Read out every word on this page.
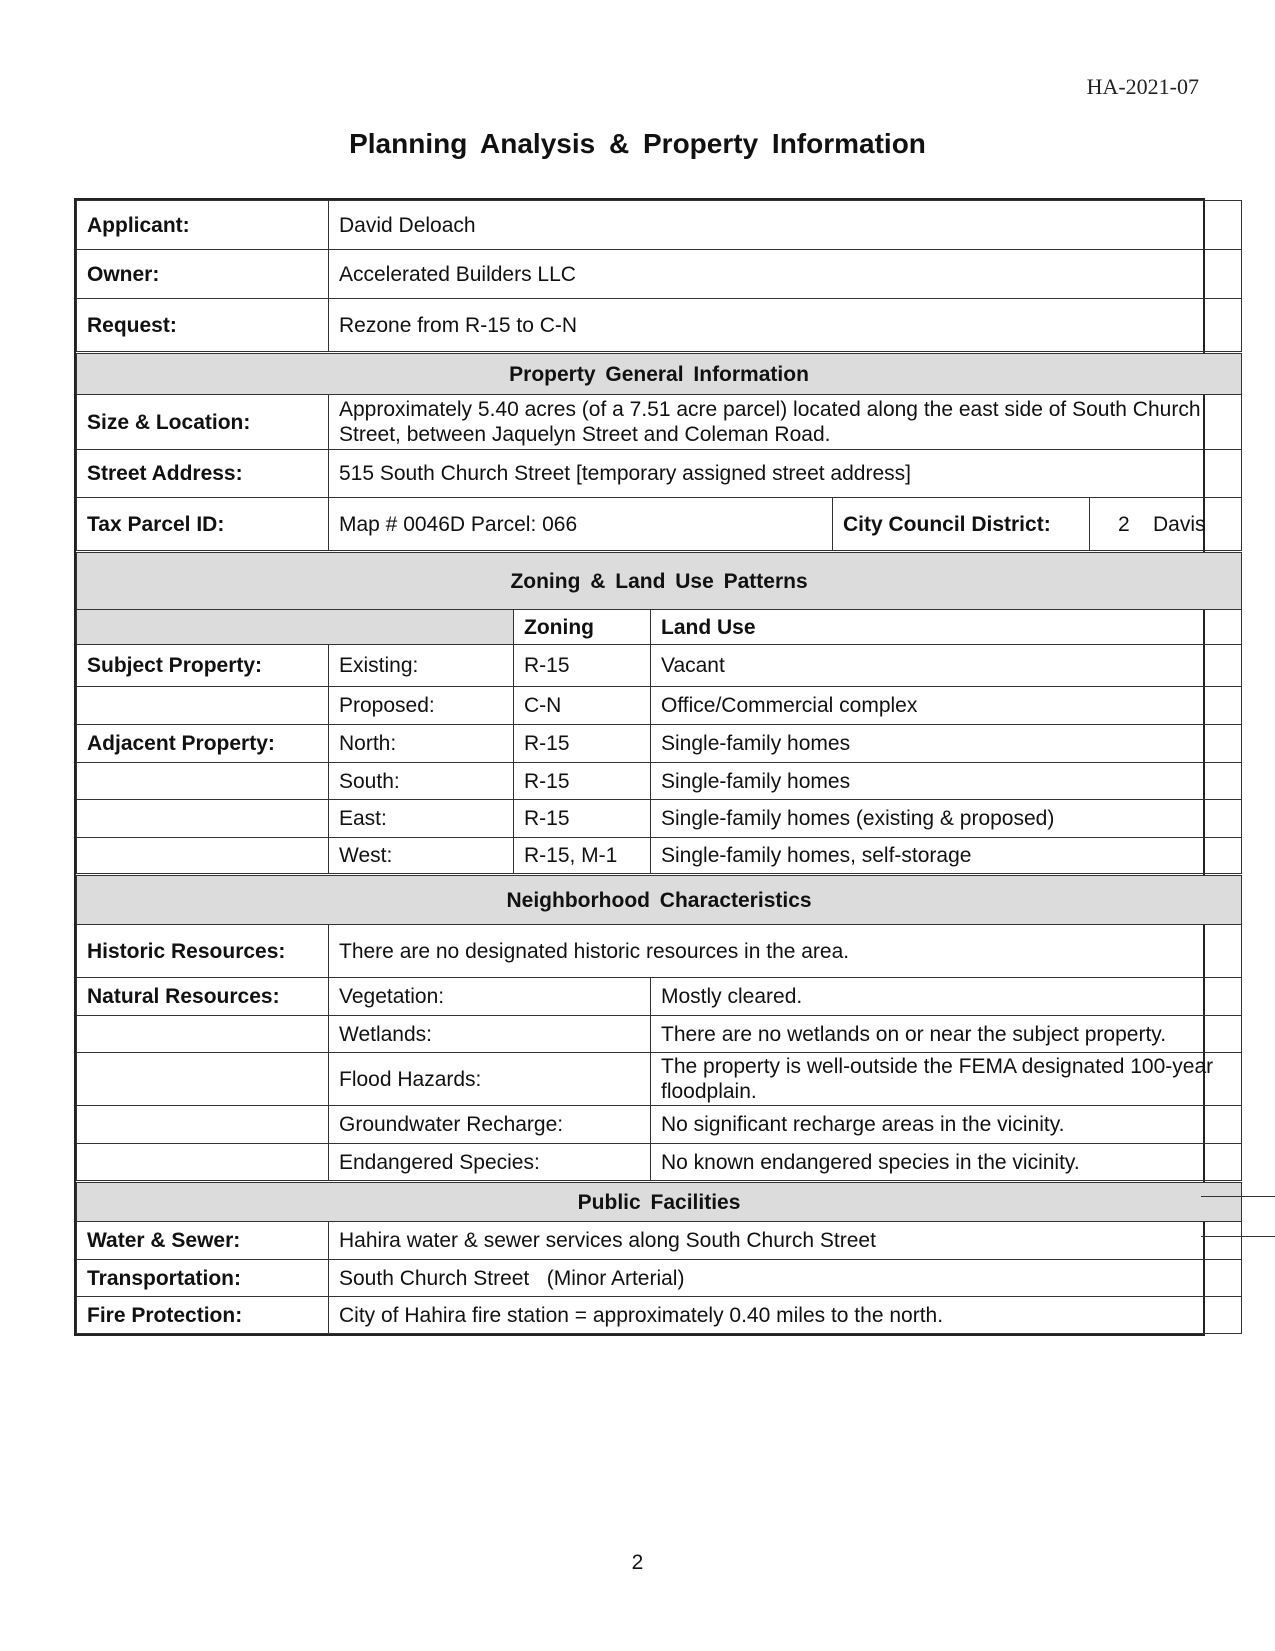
HA-2021-07
Planning Analysis & Property Information
Applicant:	David Deloach				
Owner:	Accelerated Builders LLC				
Request:	Rezone from R-15 to C-N				
Property General Information					
Size & Location:	Approximately 5.40 acres (of a 7.51 acre parcel) located along the east side of South Church Street, between Jaquelyn Street and Coleman Road.				
Street Address:	515 South Church Street [temporary assigned street address]				
Tax Parcel ID:	Map # 0046D Parcel: 066			City Council District:	2    Davis
Zoning & Land Use Patterns					
		Zoning	Land Use		
Subject Property:	Existing:	R-15	Vacant		
	Proposed:	C-N	Office/Commercial complex		
Adjacent Property:	North:	R-15	Single-family homes		
	South:	R-15	Single-family homes		
	East:	R-15	Single-family homes (existing & proposed)		
	West:	R-15, M-1	Single-family homes, self-storage		
Neighborhood Characteristics					
Historic Resources:	There are no designated historic resources in the area.				
Natural Resources:	Vegetation:		Mostly cleared.		
	Wetlands:		There are no wetlands on or near the subject property.		
	Flood Hazards:		The property is well-outside the FEMA designated 100-year floodplain.		
	Groundwater Recharge:		No significant recharge areas in the vicinity.		
	Endangered Species:		No known endangered species in the vicinity.		
Public Facilities					
Water & Sewer:	Hahira water & sewer services along South Church Street				
Transportation:	South Church Street   (Minor Arterial)				
Fire Protection:	City of Hahira fire station = approximately 0.40 miles to the north.				
2
